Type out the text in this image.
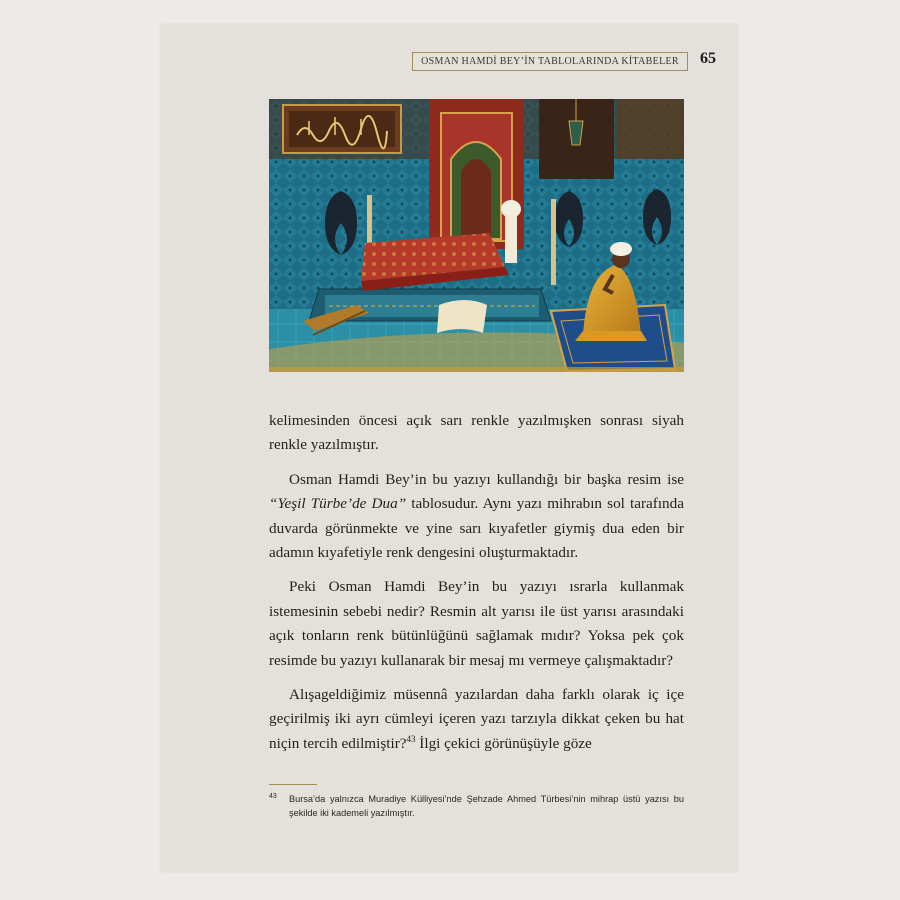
OSMAN HAMDİ BEY’İN TABLOLARINDA KİTABELER 65

kelimesinden öncesi açık sarı renkle yazılmışken sonrası siyah renkle yazılmıştır.

Osman Hamdi Bey’in bu yazıyı kullandığı bir başka resim ise “Yeşil Türbe’de Dua” tablosudur. Aynı yazı mihrabın sol tarafında duvarda görünmekte ve yine sarı kıyafetler giymiş dua eden bir adamın kıyafetiyle renk dengesini oluşturmaktadır.

Peki Osman Hamdi Bey’in bu yazıyı ısrarla kullanmak istemesinin sebebi nedir? Resmin alt yarısı ile üst yarısı arasındaki açık tonların renk bütünlüğünü sağlamak mıdır? Yoksa pek çok resimde bu yazıyı kullanarak bir mesaj mı vermeye çalışmaktadır?

Alışageldiğimiz müsennâ yazılardan daha farklı olarak iç içe geçirilmiş iki ayrı cümleyi içeren yazı tarzıyla dikkat çeken bu hat niçin tercih edilmiştir?$^{43}$ İlgi çekici görünüşüyle göze

43	Bursa’da yalnızca Muradiye Külliyesi’nde Şehzade Ahmed Türbesi’nin mihrap üstü yazısı bu şekilde iki kademeli yazılmıştır.
